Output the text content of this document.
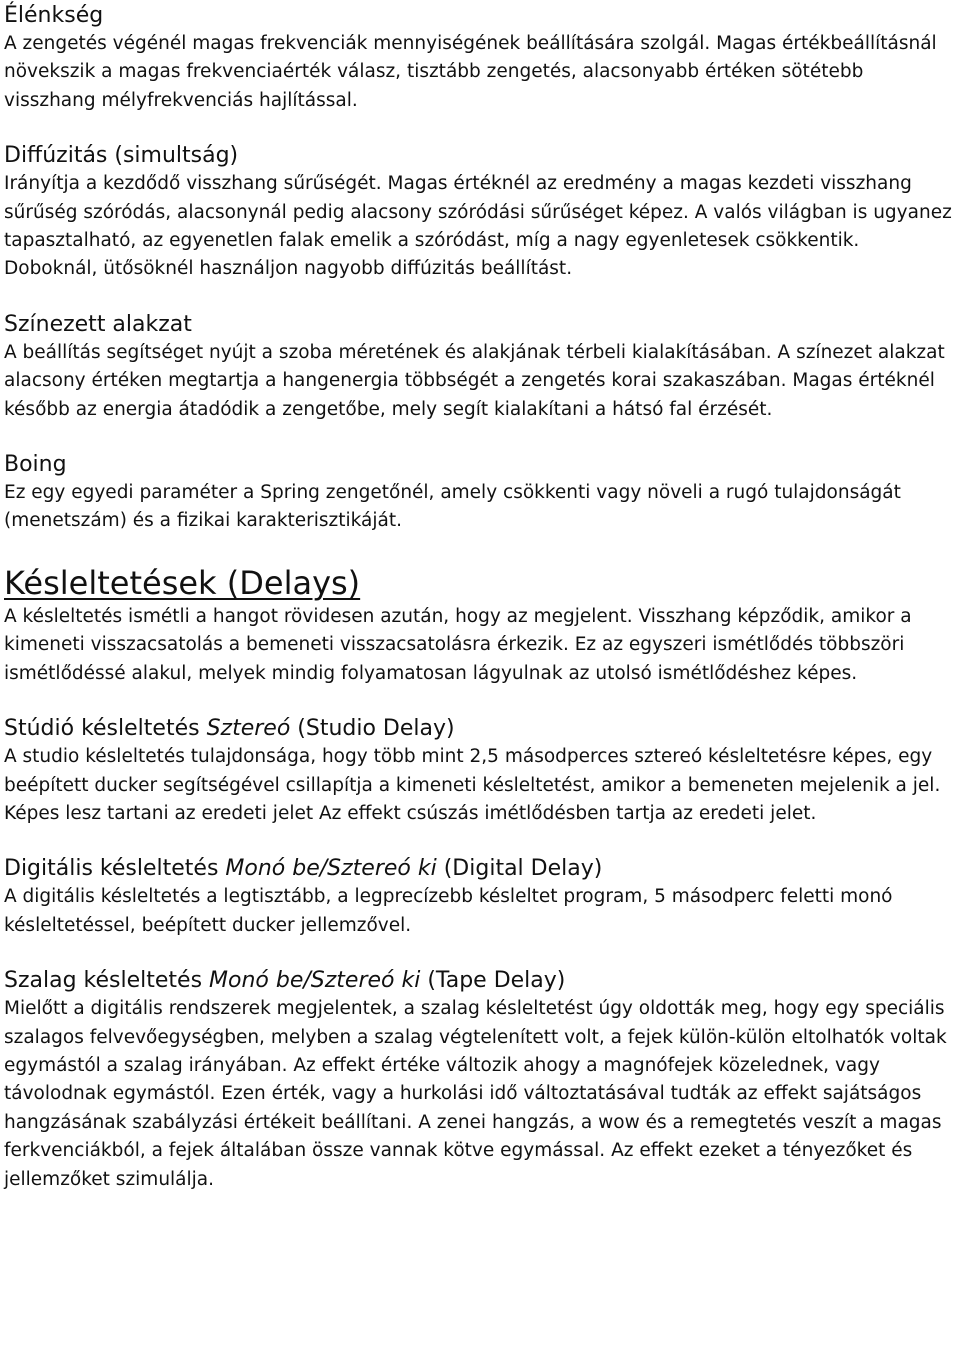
Élénkség

A zengetés végénél magas frekvenciák mennyiségének beállítására szolgál. Magas értékbeállításnál növekszik a magas frekvenciaérték válasz, tisztább zengetés, alacsonyabb értéken sötétebb visszhang mélyfrekvenciás hajlítással.

Diffúzitás (simultság)

Irányítja a kezdődő visszhang sűrűségét. Magas értéknél az eredmény a magas kezdeti visszhang sűrűség szóródás, alacsonynál pedig alacsony szóródási sűrűséget képez. A valós világban is ugyanez tapasztalható, az egyenetlen falak emelik a szóródást, míg a nagy egyenletesek csökkentik. Doboknál, ütősöknél használjon nagyobb diffúzitás beállítást.

Színezett alakzat

A beállítás segítséget nyújt a szoba méretének és alakjának térbeli kialakításában. A színezet alakzat alacsony értéken megtartja a hangenergia többségét a zengetés korai szakaszában. Magas értéknél később az energia átadódik a zengetőbe, mely segít kialakítani a hátsó fal érzését.

Boing

Ez egy egyedi paraméter a Spring zengetőnél, amely csökkenti vagy növeli a rugó tulajdonságát (menetszám) és a fizikai karakterisztikáját.

Késleltetések (Delays)

A késleltetés ismétli a hangot rövidesen azután, hogy az megjelent. Visszhang képződik, amikor a kimeneti visszacsatolás a bemeneti visszacsatolásra érkezik. Ez az egyszeri ismétlődés többszöri ismétlődéssé alakul, melyek mindig folyamatosan lágyulnak az utolsó ismétlődéshez képes.

Stúdió késleltetés Sztereó (Studio Delay)

A studio késleltetés tulajdonsága, hogy több mint 2,5 másodperces sztereó késleltetésre képes, egy beépített ducker segítségével csillapítja a kimeneti késleltetést, amikor a bemeneten mejelenik a jel. Képes lesz tartani az eredeti jelet Az effekt csúszás imétlődésben tartja az eredeti jelet.

Digitális késleltetés Monó be/Sztereó ki (Digital Delay)

A digitális késleltetés a legtisztább, a legprecízebb késleltet program, 5 másodperc feletti monó késleltetéssel, beépített ducker jellemzővel.

Szalag késleltetés Monó be/Sztereó ki (Tape Delay)

Mielőtt a digitális rendszerek megjelentek, a szalag késleltetést úgy oldották meg, hogy egy speciális szalagos felvevőegységben, melyben a szalag végtelenített volt, a fejek külön-külön eltolhatók voltak egymástól a szalag irányában. Az effekt értéke változik ahogy a magnófejek közelednek, vagy távolodnak egymástól. Ezen érték, vagy a hurkolási idő változtatásával tudták az effekt sajátságos hangzásának szabályzási értékeit beállítani. A zenei hangzás, a wow és a remegtetés veszít a magas ferkvenciákból, a fejek általában össze vannak kötve egymással. Az effekt ezeket a tényezőket és jellemzőket szimulálja.
